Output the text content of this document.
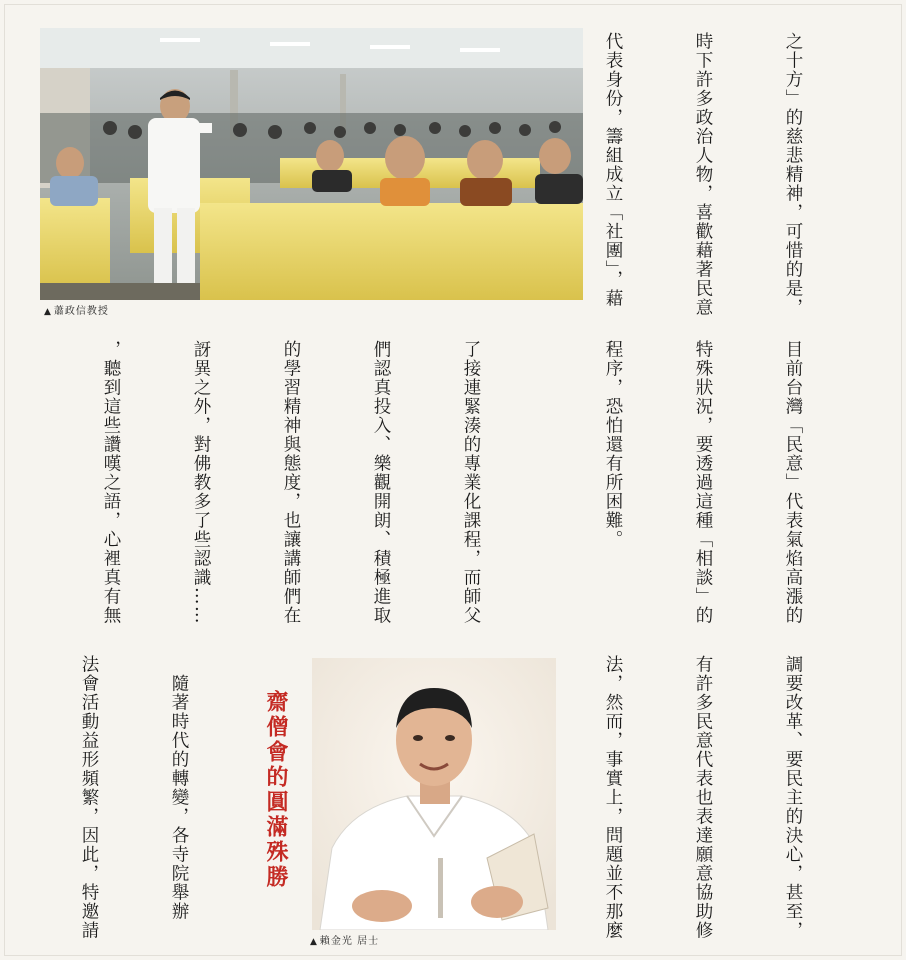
▲ 蕭政信教授

	之十方」的慈悲精神，可惜的是，

時下許多政治人物，喜歡藉著民意

代表身份，籌組成立「社團」，藉

目前台灣「民意」代表氣焰高漲的

特殊狀況，要透過這種「相談」的

程序，恐怕還有所困難。

了接連緊湊的專業化課程，而師父

們認真投入、樂觀開朗、積極進取

的學習精神與態度，也讓講師們在

訝異之外，對佛教多了些認識……

，聽到這些讚嘆之語，心裡真有無

調要改革、要民主的決心，甚至，

有許多民意代表也表達願意協助修

法，然而，事實上，問題並不那麼

▲ 賴金光 居士
齋僧會的圓滿殊勝

　隨著時代的轉變，各寺院舉辦

法會活動益形頻繁，因此，特邀請
